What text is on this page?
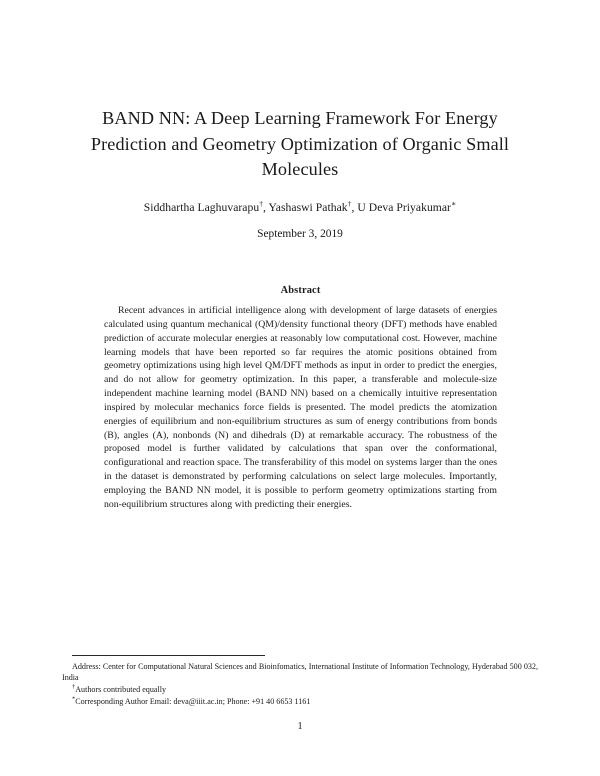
BAND NN: A Deep Learning Framework For Energy Prediction and Geometry Optimization of Organic Small Molecules
Siddhartha Laghuvarapu†, Yashaswi Pathak†, U Deva Priyakumar∗
September 3, 2019
Abstract

Recent advances in artificial intelligence along with development of large datasets of energies calculated using quantum mechanical (QM)/density functional theory (DFT) methods have enabled prediction of accurate molecular energies at reasonably low computational cost. However, machine learning models that have been reported so far requires the atomic positions obtained from geometry optimizations using high level QM/DFT methods as input in order to predict the energies, and do not allow for geometry optimization. In this paper, a transferable and molecule-size independent machine learning model (BAND NN) based on a chemically intuitive representation inspired by molecular mechanics force fields is presented. The model predicts the atomization energies of equilibrium and non-equilibrium structures as sum of energy contributions from bonds (B), angles (A), nonbonds (N) and dihedrals (D) at remarkable accuracy. The robustness of the proposed model is further validated by calculations that span over the conformational, configurational and reaction space. The transferability of this model on systems larger than the ones in the dataset is demonstrated by performing calculations on select large molecules. Importantly, employing the BAND NN model, it is possible to perform geometry optimizations starting from non-equilibrium structures along with predicting their energies.

Address: Center for Computational Natural Sciences and Bioinfomatics, International Institute of Information Technology, Hyderabad 500 032, India

†Authors contributed equally

*Corresponding Author Email: deva@iiit.ac.in; Phone: +91 40 6653 1161

1
